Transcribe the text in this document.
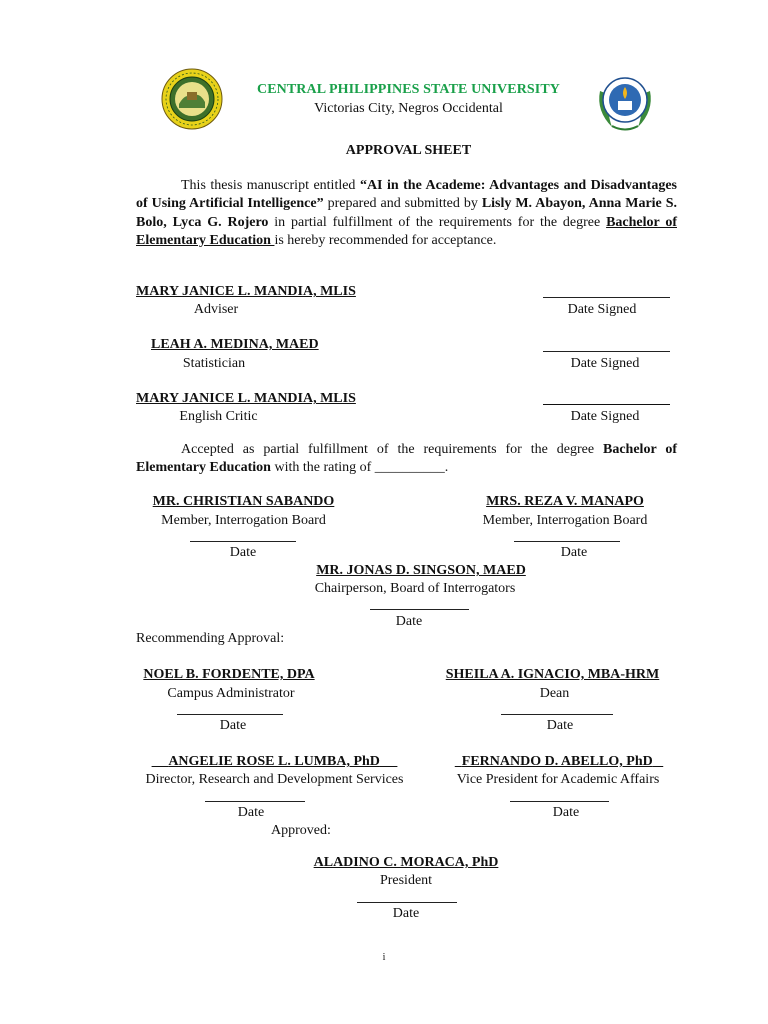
CENTRAL PHILIPPINES STATE UNIVERSITY
Victorias City, Negros Occidental
APPROVAL SHEET
This thesis manuscript entitled “AI in the Academe: Advantages and Disadvantages of Using Artificial Intelligence” prepared and submitted by Lisly M. Abayon, Anna Marie S. Bolo, Lyca G. Rojero in partial fulfillment of the requirements for the degree Bachelor of Elementary Education is hereby recommended for acceptance.
MARY JANICE L. MANDIA, MLIS
Adviser	Date Signed
LEAH A. MEDINA, MAED
Statistician	Date Signed
MARY JANICE L. MANDIA, MLIS
English Critic	Date Signed
Accepted as partial fulfillment of the requirements for the degree Bachelor of Elementary Education with the rating of __________.
MR. CHRISTIAN SABANDO
Member, Interrogation Board
Date
MRS. REZA V. MANAPO
Member, Interrogation Board
Date
MR. JONAS D. SINGSON, MAED
Chairperson, Board of Interrogators
Date
Recommending Approval:
NOEL B. FORDENTE, DPA
Campus Administrator
Date
SHEILA A. IGNACIO, MBA-HRM
Dean
Date
ANGELIE ROSE L. LUMBA, PhD
Director, Research and Development Services
Date
FERNANDO D. ABELLO, PhD
Vice President for Academic Affairs
Date
Approved:
ALADINO C. MORACA, PhD
President
Date
i
